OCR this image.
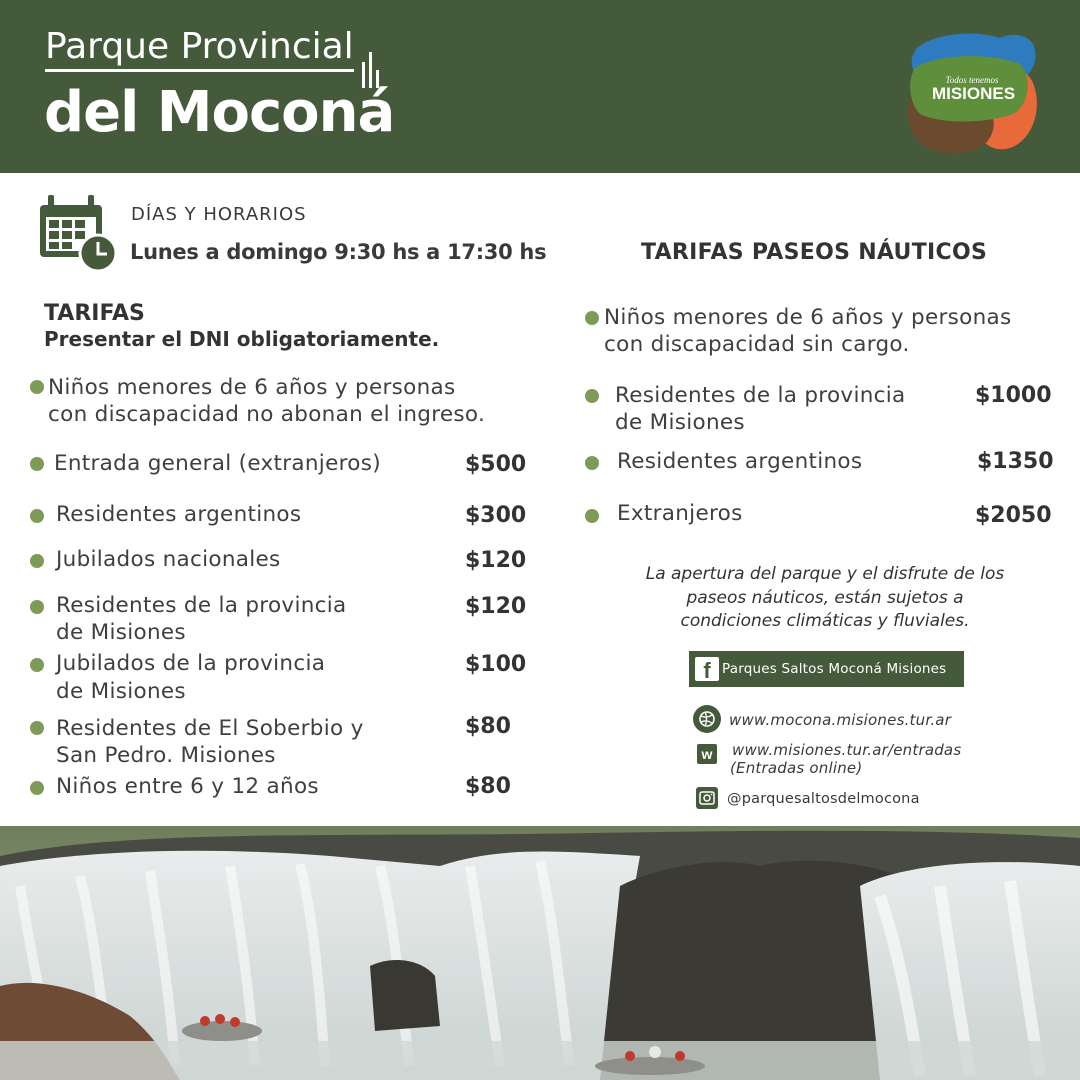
Parque Provincial
del Moconá	Todos tenemos
MISIONES
DÍAS Y HORARIOS
Lunes a domingo 9:30 hs a 17:30 hs
TARIFAS
Presentar el DNI obligatoriamente.
Niños menores de 6 años y personas
con discapacidad no abonan el ingreso.
Entrada general (extranjeros)	$500
Residentes argentinos	$300
Jubilados nacionales	$120
Residentes de la provincia
de Misiones
$120
Jubilados de la provincia
de Misiones
$100
Residentes de El Soberbio y
San Pedro. Misiones
$80
Niños entre 6 y 12 años	$80
TARIFAS PASEOS NÁUTICOS
Niños menores de 6 años y personas
con discapacidad sin cargo.
Residentes de la provincia
de Misiones
$1000
Residentes argentinos	$1350
Extranjeros	$2050
La apertura del parque y el disfrute de los
paseos náuticos, están sujetos a
condiciones climáticas y fluviales.
f Parques Saltos Moconá Misiones
www.mocona.misiones.tur.ar
w	www.misiones.tur.ar/entradas
(Entradas online)
@parquesaltosdelmocona
